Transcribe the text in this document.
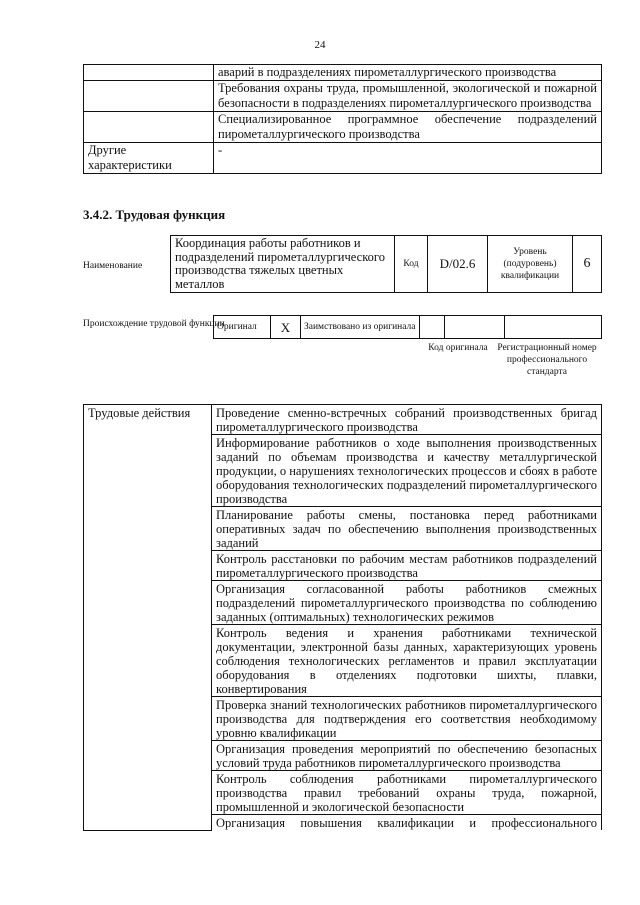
24
	аварий в подразделениях пирометаллургического производства
	Требования охраны труда, промышленной, экологической и пожарной безопасности в подразделениях пирометаллургического производства
	Специализированное программное обеспечение подразделений пирометаллургического производства
Другие характеристики	-
3.4.2. Трудовая функция
Наименование
Координация работы работников и подразделений пирометаллургического производства тяжелых цветных металлов	Код	D/02.6	Уровень (подуровень) квалификации	6
Происхождение трудовой функции
Оригинал	X	Заимствовано из оригинала			
Код оригинала	Регистрационный номер профессионального стандарта
Трудовые действия	Проведение сменно-встречных собраний производственных бригад пирометаллургического производства
Информирование работников о ходе выполнения производственных заданий по объемам производства и качеству металлургической продукции, о нарушениях технологических процессов и сбоях в работе оборудования технологических подразделений пирометаллургического производства
Планирование работы смены, постановка перед работниками оперативных задач по обеспечению выполнения производственных заданий
Контроль расстановки по рабочим местам работников подразделений пирометаллургического производства
Организация согласованной работы работников смежных подразделений пирометаллургического производства по соблюдению заданных (оптимальных) технологических режимов
Контроль ведения и хранения работниками технической документации, электронной базы данных, характеризующих уровень соблюдения технологических регламентов и правил эксплуатации оборудования в отделениях подготовки шихты, плавки, конвертирования
Проверка знаний технологических работников пирометаллургического производства для подтверждения его соответствия необходимому уровню квалификации
Организация проведения мероприятий по обеспечению безопасных условий труда работников пирометаллургического производства
Контроль соблюдения работниками пирометаллургического производства правил требований охраны труда, пожарной, промышленной и экологической безопасности
Организация повышения квалификации и профессионального
